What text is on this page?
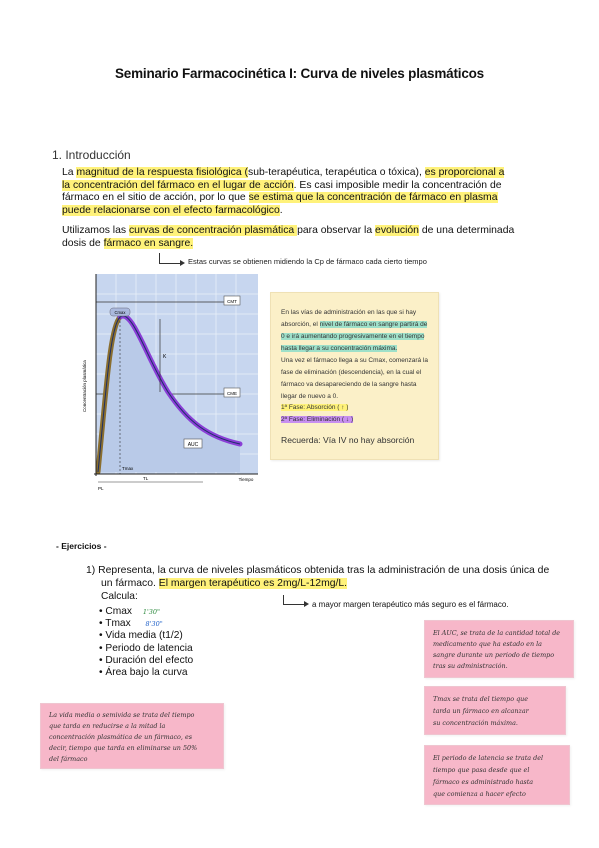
Seminario Farmacocinética I: Curva de niveles plasmáticos
1. Introducción
La magnitud de la respuesta fisiológica (sub-terapéutica, terapéutica o tóxica), es proporcional a
la concentración del fármaco en el lugar de acción. Es casi imposible medir la concentración de
fármaco en el sitio de acción, por lo que se estima que la concentración de fármaco en plasma
puede relacionarse con el efecto farmacológico.
Utilizamos las curvas de concentración plasmática para observar la evolución de una determinada
dosis de fármaco en sangre.
Estas curvas se obtienen midiendo la Cp de fármaco cada cierto tiempo
CMT
CME
AUC
Cmax
K
Tmax
TL
PL
Tiempo
Concentración plasmática
En las vías de administración en las que si hay
absorción, el nivel de fármaco en sangre partirá de
0 e irá aumentando progresivamente en el tiempo
hasta llegar a su concentración máxima.
Una vez el fármaco llega a su Cmax, comenzará la
fase de eliminación (descendencia), en la cual el
fármaco va desapareciendo de la sangre hasta
llegar de nuevo a 0.
1ª Fase: Absorción ( ↑ )
2ª Fase: Eliminación ( ↓ )
Recuerda: Vía IV no hay absorción
- Ejercicios -
1) Representa, la curva de niveles plasmáticos obtenida tras la administración de una dosis única de
un fármaco. El margen terapéutico es 2mg/L-12mg/L.
Calcula:
• Cmax 1'30"
• Tmax 8'30"
• Vida media (t1/2)
• Periodo de latencia
• Duración del efecto
• Área bajo la curva
a mayor margen terapéutico más seguro es el fármaco.
El AUC, se trata de la cantidad total de
medicamento que ha estado en la
sangre durante un periodo de tiempo
tras su administración.
Tmax se trata del tiempo que
tarda un fármaco en alcanzar
su concentración máxima.
El periodo de latencia se trata del
tiempo que pasa desde que el
fármaco es administrado hasta
que comienza a hacer efecto
La vida media o semivida se trata del tiempo
que tarda en reducirse a la mitad la
concentración plasmática de un fármaco, es
decir, tiempo que tarda en eliminarse un 50%
del fármaco
